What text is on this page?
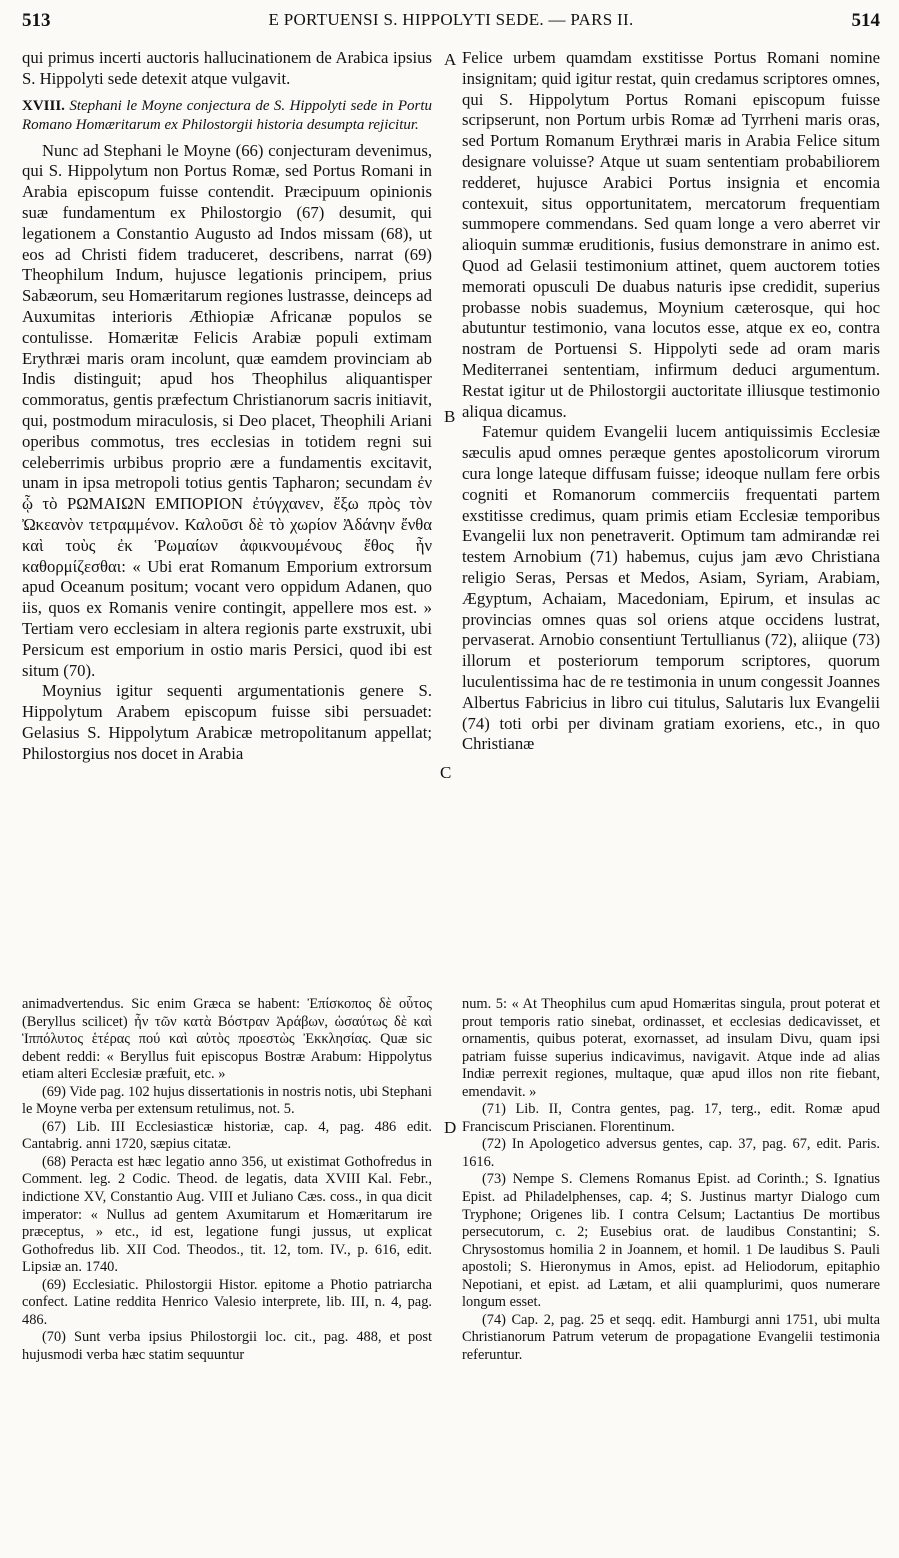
513	E PORTUENSI S. HIPPOLYTI SEDE. — PARS II.	514
A
B
C
D

qui primus incerti auctoris hallucinationem de Arabica ipsius S. Hippolyti sede detexit atque vulgavit.

XVIII. Stephani le Moyne conjectura de S. Hippolyti sede in Portu Romano Homæritarum ex Philostorgii historia desumpta rejicitur.

Nunc ad Stephani le Moyne (66) conjecturam devenimus, qui S. Hippolytum non Portus Romæ, sed Portus Romani in Arabia episcopum fuisse contendit. Præcipuum opinionis suæ fundamentum ex Philostorgio (67) desumit, qui legationem a Constantio Augusto ad Indos missam (68), ut eos ad Christi fidem traduceret, describens, narrat (69) Theophilum Indum, hujusce legationis principem, prius Sabæorum, seu Homæritarum regiones lustrasse, deinceps ad Auxumitas interioris Æthiopiæ Africanæ populos se contulisse. Homæritæ Felicis Arabiæ populi extimam Erythræi maris oram incolunt, quæ eamdem provinciam ab Indis distinguit; apud hos Theophilus aliquantisper commoratus, gentis præfectum Christianorum sacris initiavit, qui, postmodum miraculosis, si Deo placet, Theophili Ariani operibus commotus, tres ecclesias in totidem regni sui celeberrimis urbibus proprio ære a fundamentis excitavit, unam in ipsa metropoli totius gentis Tapharon; secundam ἐν ᾧ τὸ ΡΩΜΑΙΩΝ ΕΜΠΟΡΙΟΝ ἐτύγχανεν, ἔξω πρὸς τὸν Ὠκεανὸν τετραμμένον. Καλοῦσι δὲ τὸ χωρίον Ἀδάνην ἔνθα καὶ τοὺς ἐκ Ῥωμαίων ἀφικνουμένους ἔθος ἦν καθορμίζεσθαι: « Ubi erat Romanum Emporium extrorsum apud Oceanum positum; vocant vero oppidum Adanen, quo iis, quos ex Romanis venire contingit, appellere mos est. » Tertiam vero ecclesiam in altera regionis parte exstruxit, ubi Persicum est emporium in ostio maris Persici, quod ibi est situm (70).

Moynius igitur sequenti argumentationis genere S. Hippolytum Arabem episcopum fuisse sibi persuadet: Gelasius S. Hippolytum Arabicæ metropolitanum appellat; Philostorgius nos docet in Arabia

Felice urbem quamdam exstitisse Portus Romani nomine insignitam; quid igitur restat, quin credamus scriptores omnes, qui S. Hippolytum Portus Romani episcopum fuisse scripserunt, non Portum urbis Romæ ad Tyrrheni maris oras, sed Portum Romanum Erythræi maris in Arabia Felice situm designare voluisse? Atque ut suam sententiam probabiliorem redderet, hujusce Arabici Portus insignia et encomia contexuit, situs opportunitatem, mercatorum frequentiam summopere commendans. Sed quam longe a vero aberret vir alioquin summæ eruditionis, fusius demonstrare in animo est. Quod ad Gelasii testimonium attinet, quem auctorem toties memorati opusculi De duabus naturis ipse credidit, superius probasse nobis suademus, Moynium cæterosque, qui hoc abutuntur testimonio, vana locutos esse, atque ex eo, contra nostram de Portuensi S. Hippolyti sede ad oram maris Mediterranei sententiam, infirmum deduci argumentum. Restat igitur ut de Philostorgii auctoritate illiusque testimonio aliqua dicamus.

Fatemur quidem Evangelii lucem antiquissimis Ecclesiæ sæculis apud omnes peræque gentes apostolicorum virorum cura longe lateque diffusam fuisse; ideoque nullam fere orbis cogniti et Romanorum commerciis frequentati partem exstitisse credimus, quam primis etiam Ecclesiæ temporibus Evangelii lux non penetraverit. Optimum tam admirandæ rei testem Arnobium (71) habemus, cujus jam ævo Christiana religio Seras, Persas et Medos, Asiam, Syriam, Arabiam, Ægyptum, Achaiam, Macedoniam, Epirum, et insulas ac provincias omnes quas sol oriens atque occidens lustrat, pervaserat. Arnobio consentiunt Tertullianus (72), aliique (73) illorum et posteriorum temporum scriptores, quorum luculentissima hac de re testimonia in unum congessit Joannes Albertus Fabricius in libro cui titulus, Salutaris lux Evangelii (74) toti orbi per divinam gratiam exoriens, etc., in quo Christianæ

animadvertendus. Sic enim Græca se habent: Ἐπίσκοπος δὲ οὗτος (Beryllus scilicet) ἦν τῶν κατὰ Βόστραν Ἀράβων, ὡσαύτως δὲ καὶ Ἱππόλυτος ἑτέρας πού καὶ αὐτὸς προεστὼς Ἐκκλησίας. Quæ sic debent reddi: « Beryllus fuit episcopus Bostræ Arabum: Hippolytus etiam alteri Ecclesiæ præfuit, etc. »

(69) Vide pag. 102 hujus dissertationis in nostris notis, ubi Stephani le Moyne verba per extensum retulimus, not. 5.

(67) Lib. III Ecclesiasticæ historiæ, cap. 4, pag. 486 edit. Cantabrig. anni 1720, sæpius citatæ.

(68) Peracta est hæc legatio anno 356, ut existimat Gothofredus in Comment. leg. 2 Codic. Theod. de legatis, data XVIII Kal. Febr., indictione XV, Constantio Aug. VIII et Juliano Cæs. coss., in qua dicit imperator: « Nullus ad gentem Axumitarum et Homæritarum ire præceptus, » etc., id est, legatione fungi jussus, ut explicat Gothofredus lib. XII Cod. Theodos., tit. 12, tom. IV., p. 616, edit. Lipsiæ an. 1740.

(69) Ecclesiatic. Philostorgii Histor. epitome a Photio patriarcha confect. Latine reddita Henrico Valesio interprete, lib. III, n. 4, pag. 486.

(70) Sunt verba ipsius Philostorgii loc. cit., pag. 488, et post hujusmodi verba hæc statim sequuntur

num. 5: « At Theophilus cum apud Homæritas singula, prout poterat et prout temporis ratio sinebat, ordinasset, et ecclesias dedicavisset, et ornamentis, quibus poterat, exornasset, ad insulam Divu, quam ipsi patriam fuisse superius indicavimus, navigavit. Atque inde ad alias Indiæ perrexit regiones, multaque, quæ apud illos non rite fiebant, emendavit. »

(71) Lib. II, Contra gentes, pag. 17, terg., edit. Romæ apud Franciscum Priscianen. Florentinum.

(72) In Apologetico adversus gentes, cap. 37, pag. 67, edit. Paris. 1616.

(73) Nempe S. Clemens Romanus Epist. ad Corinth.; S. Ignatius Epist. ad Philadelphenses, cap. 4; S. Justinus martyr Dialogo cum Tryphone; Origenes lib. I contra Celsum; Lactantius De mortibus persecutorum, c. 2; Eusebius orat. de laudibus Constantini; S. Chrysostomus homilia 2 in Joannem, et homil. 1 De laudibus S. Pauli apostoli; S. Hieronymus in Amos, epist. ad Heliodorum, epitaphio Nepotiani, et epist. ad Lætam, et alii quamplurimi, quos numerare longum esset.

(74) Cap. 2, pag. 25 et seqq. edit. Hamburgi anni 1751, ubi multa Christianorum Patrum veterum de propagatione Evangelii testimonia referuntur.
